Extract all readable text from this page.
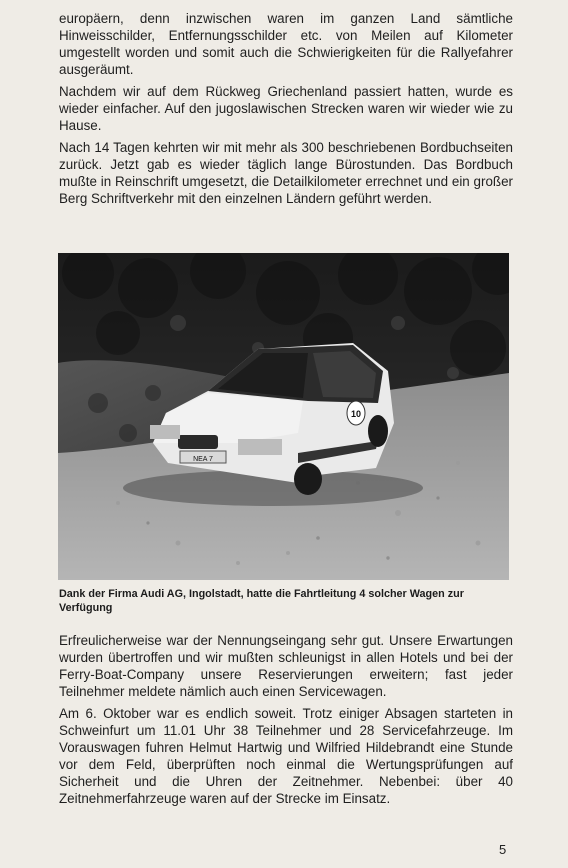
europäern, denn inzwischen waren im ganzen Land sämtliche Hinweisschilder, Entfernungsschilder etc. von Meilen auf Kilometer umgestellt worden und somit auch die Schwierigkeiten für die Rallyefahrer ausgeräumt.

Nachdem wir auf dem Rückweg Griechenland passiert hatten, wurde es wieder einfacher. Auf den jugoslawischen Strecken waren wir wieder wie zu Hause.

Nach 14 Tagen kehrten wir mit mehr als 300 beschriebenen Bordbuchseiten zurück. Jetzt gab es wieder täglich lange Bürostunden. Das Bordbuch mußte in Reinschrift umgesetzt, die Detailkilometer errechnet und ein großer Berg Schriftverkehr mit den einzelnen Ländern geführt werden.

NEA 7
10
Dank der Firma Audi AG, Ingolstadt, hatte die Fahrtleitung 4 solcher Wagen zur Verfügung

Erfreulicherweise war der Nennungseingang sehr gut. Unsere Erwartungen wurden übertroffen und wir mußten schleunigst in allen Hotels und bei der Ferry-Boat-Company unsere Reservierungen erweitern; fast jeder Teilnehmer meldete nämlich auch einen Servicewagen.

Am 6. Oktober war es endlich soweit. Trotz einiger Absagen starteten in Schweinfurt um 11.01 Uhr 38 Teilnehmer und 28 Servicefahrzeuge. Im Vorauswagen fuhren Helmut Hartwig und Wilfried Hildebrandt eine Stunde vor dem Feld, überprüften noch einmal die Wertungsprüfungen auf Sicherheit und die Uhren der Zeitnehmer. Nebenbei: über 40 Zeitnehmerfahrzeuge waren auf der Strecke im Einsatz.

5
